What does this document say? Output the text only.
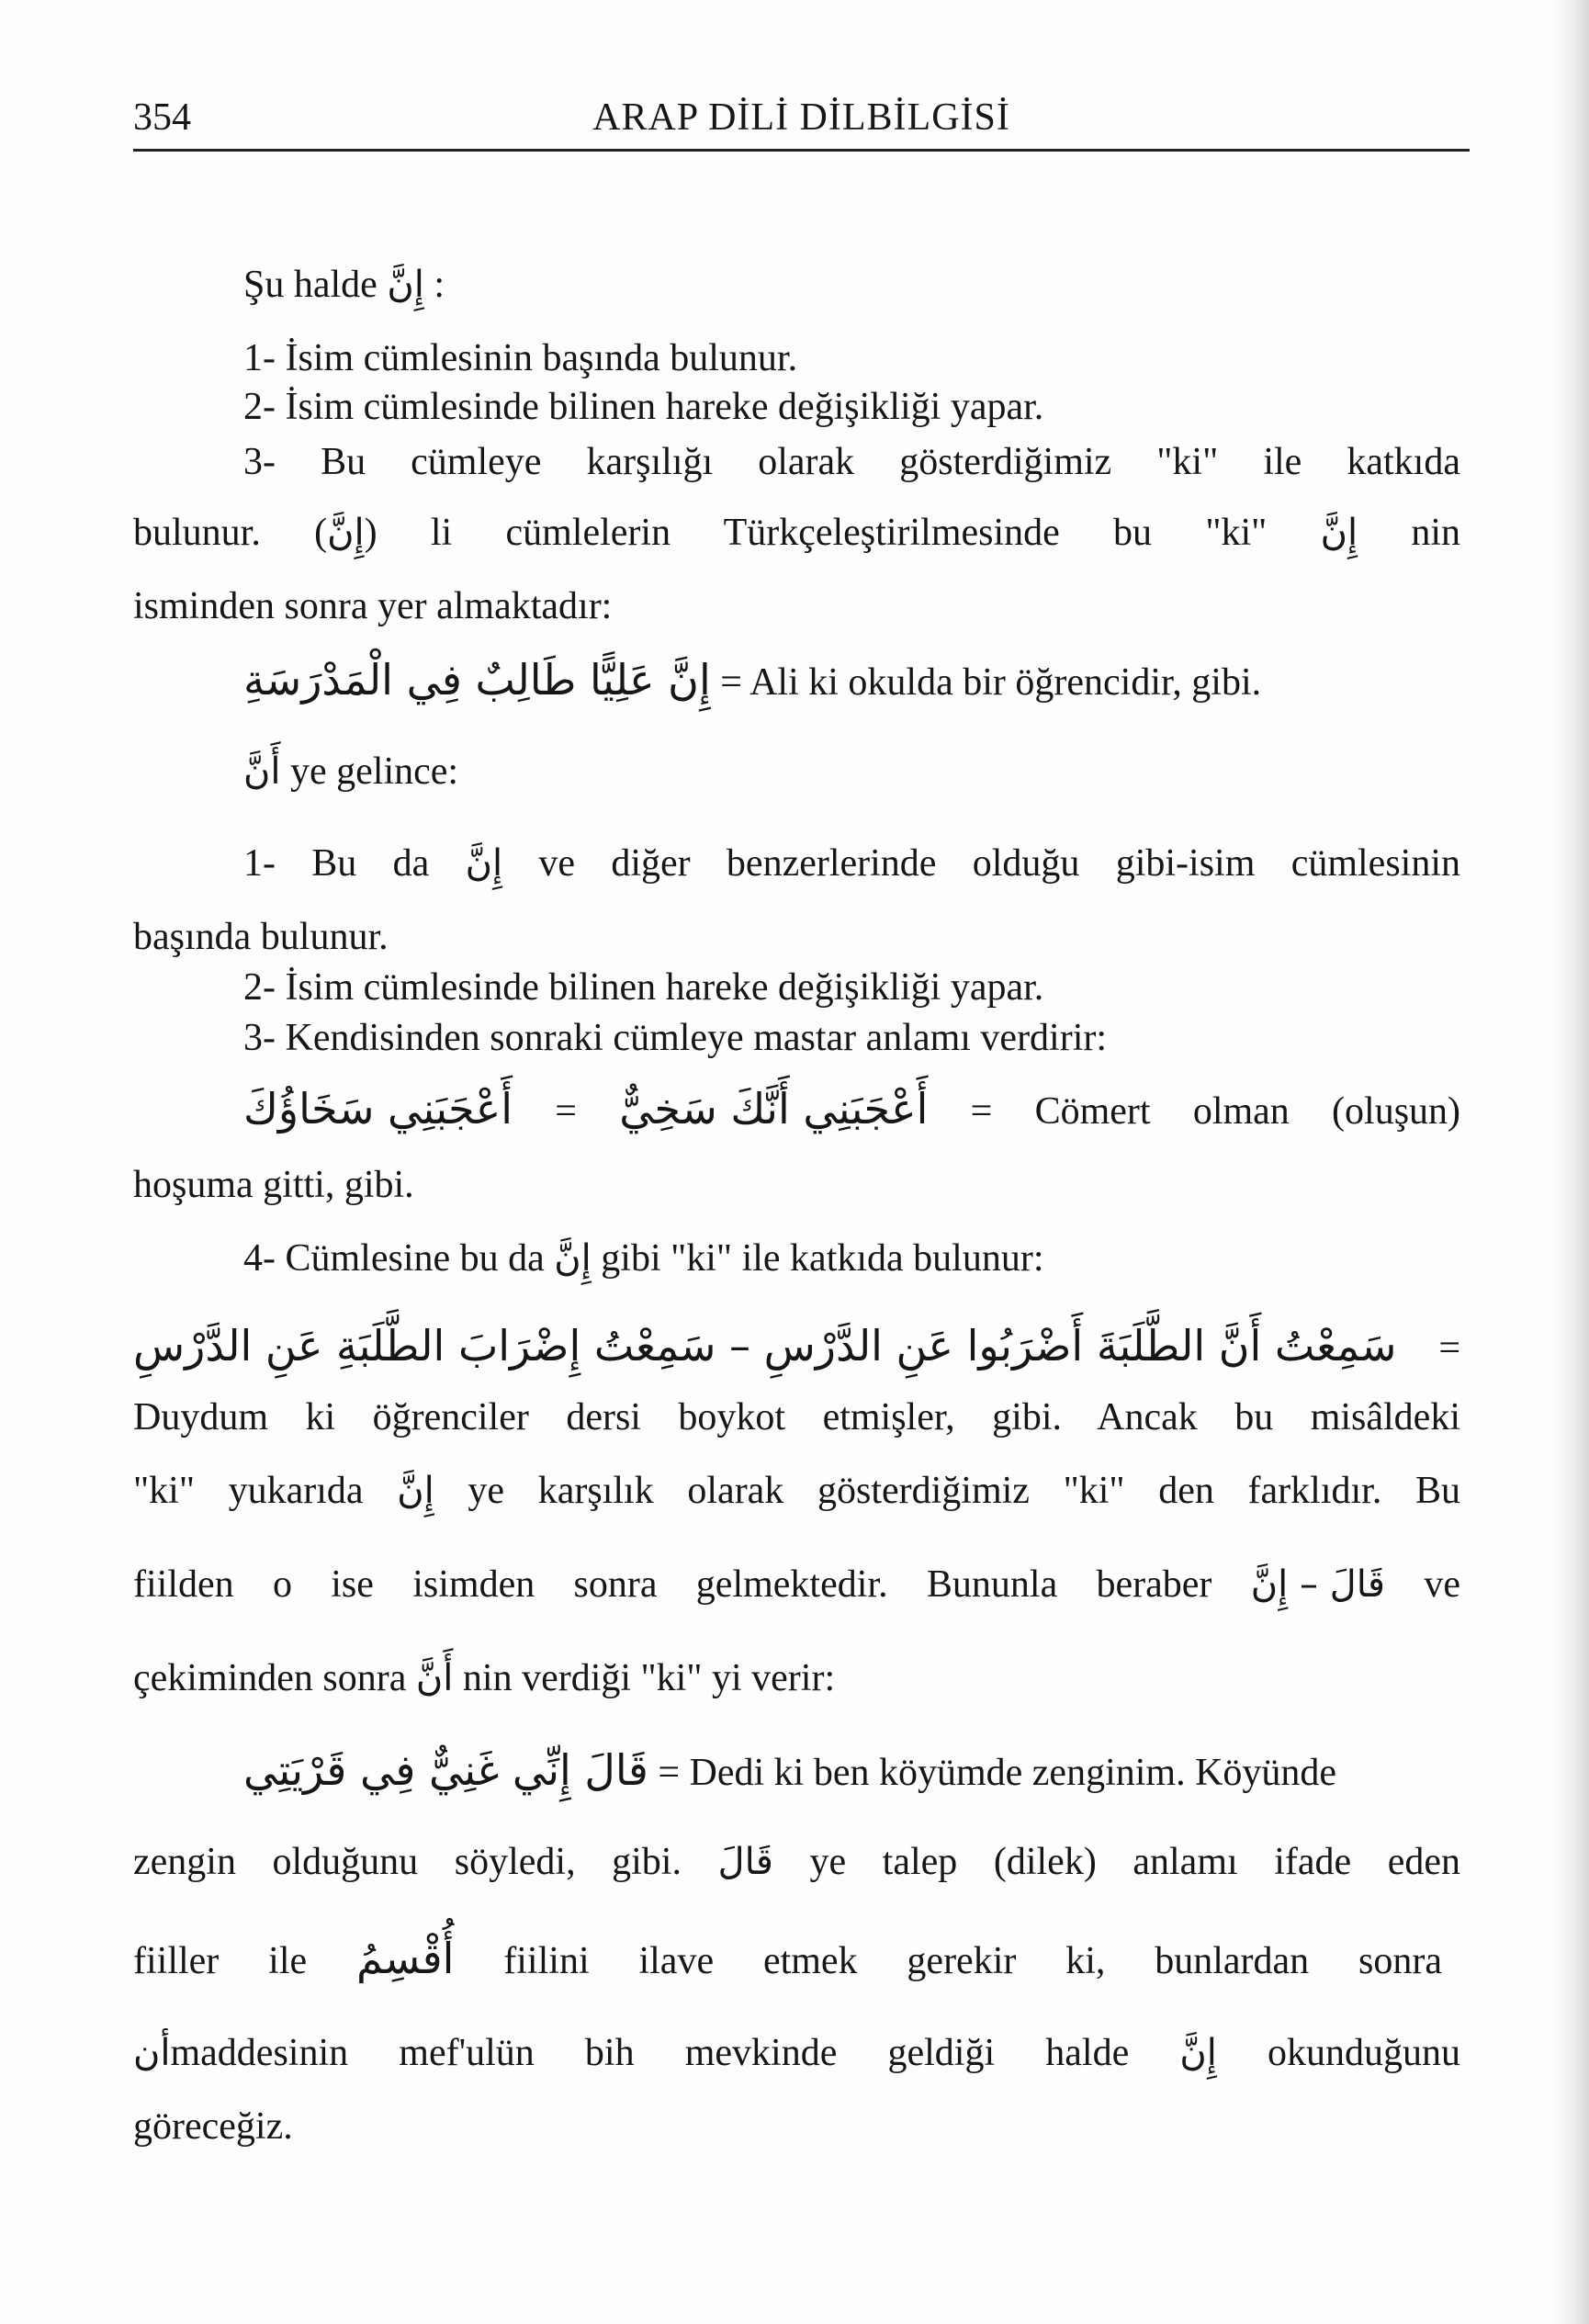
354	ARAP DİLİ DİLBİLGİSİ
Şu halde إِنَّ :
1- İsim cümlesinin başında bulunur.
2- İsim cümlesinde bilinen hareke değişikliği yapar.
3- Bu cümleye karşılığı olarak gösterdiğimiz "ki" ile katkıda
bulunur. (إِنَّ) li cümlelerin Türkçeleştirilmesinde bu "ki" إِنَّ nin
isminden sonra yer almaktadır:
إِنَّ عَلِيًّا طَالِبٌ فِي الْمَدْرَسَةِ = Ali ki okulda bir öğrencidir, gibi.
أَنَّ ye gelince:
1- Bu da إِنَّ ve diğer benzerlerinde olduğu gibi-isim cümlesinin
başında bulunur.
2- İsim cümlesinde bilinen hareke değişikliği yapar.
3- Kendisinden sonraki cümleye mastar anlamı verdirir:
أَعْجَبَنِي سَخَاؤُكَ = أَعْجَبَنِي أَنَّكَ سَخِيٌّ = Cömert olman (oluşun)
hoşuma gitti, gibi.
4- Cümlesine bu da إِنَّ gibi "ki" ile katkıda bulunur:
سَمِعْتُ أَنَّ الطَّلَبَةَ أَضْرَبُوا عَنِ الدَّرْسِ – سَمِعْتُ إِضْرَابَ الطَّلَبَةِ عَنِ الدَّرْسِ =
Duydum ki öğrenciler dersi boykot etmişler, gibi. Ancak bu misâldeki
"ki" yukarıda إِنَّ ye karşılık olarak gösterdiğimiz "ki" den farklıdır. Bu
fiilden o ise isimden sonra gelmektedir. Bununla beraber قَالَ – إِنَّ ve
çekiminden sonra أَنَّ nin verdiği "ki" yi verir:
قَالَ إِنِّي غَنِيٌّ فِي قَرْيَتِي = Dedi ki ben köyümde zenginim. Köyünde
zengin olduğunu söyledi, gibi. قَالَ ye talep (dilek) anlamı ifade eden
fiiller ile أُقْسِمُ fiilini ilave etmek gerekir ki, bunlardan sonra
أنmaddesinin mef'ulün bih mevkinde geldiği halde إِنَّ okunduğunu
göreceğiz.
